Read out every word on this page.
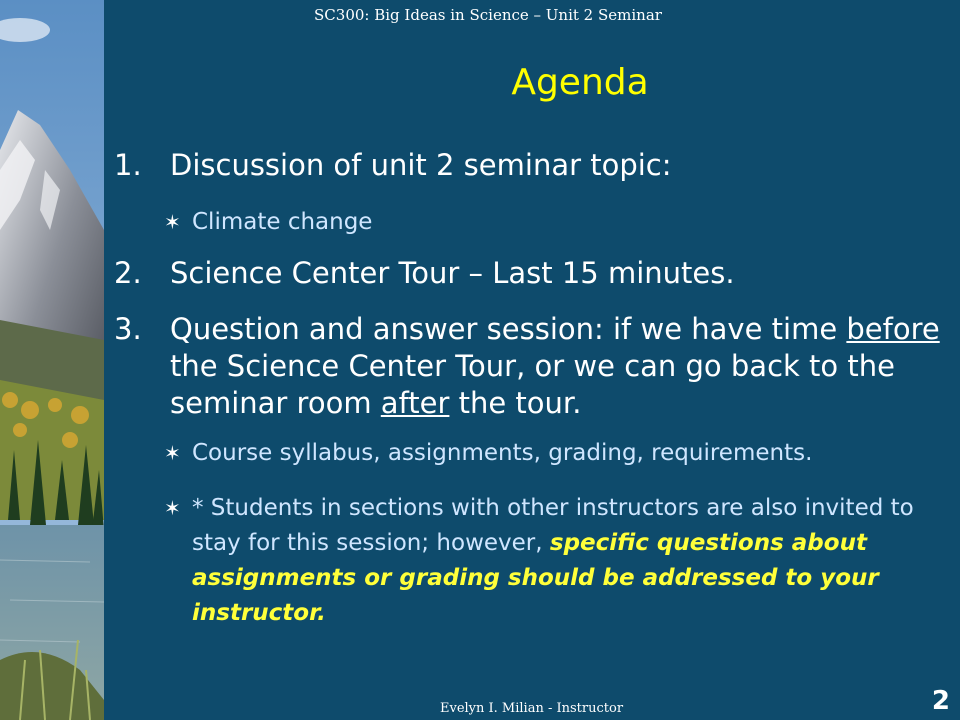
SC300: Big Ideas in Science – Unit 2 Seminar
Agenda
1. Discussion of unit 2 seminar topic:
✶ Climate change
2. Science Center Tour – Last 15 minutes.
3. Question and answer session: if we have time before the Science Center Tour, or we can go back to the seminar room after the tour.
✶ Course syllabus, assignments, grading, requirements.
✶ * Students in sections with other instructors are also invited to stay for this session; however, specific questions about assignments or grading should be addressed to your instructor.
Evelyn I. Milian - Instructor	2
